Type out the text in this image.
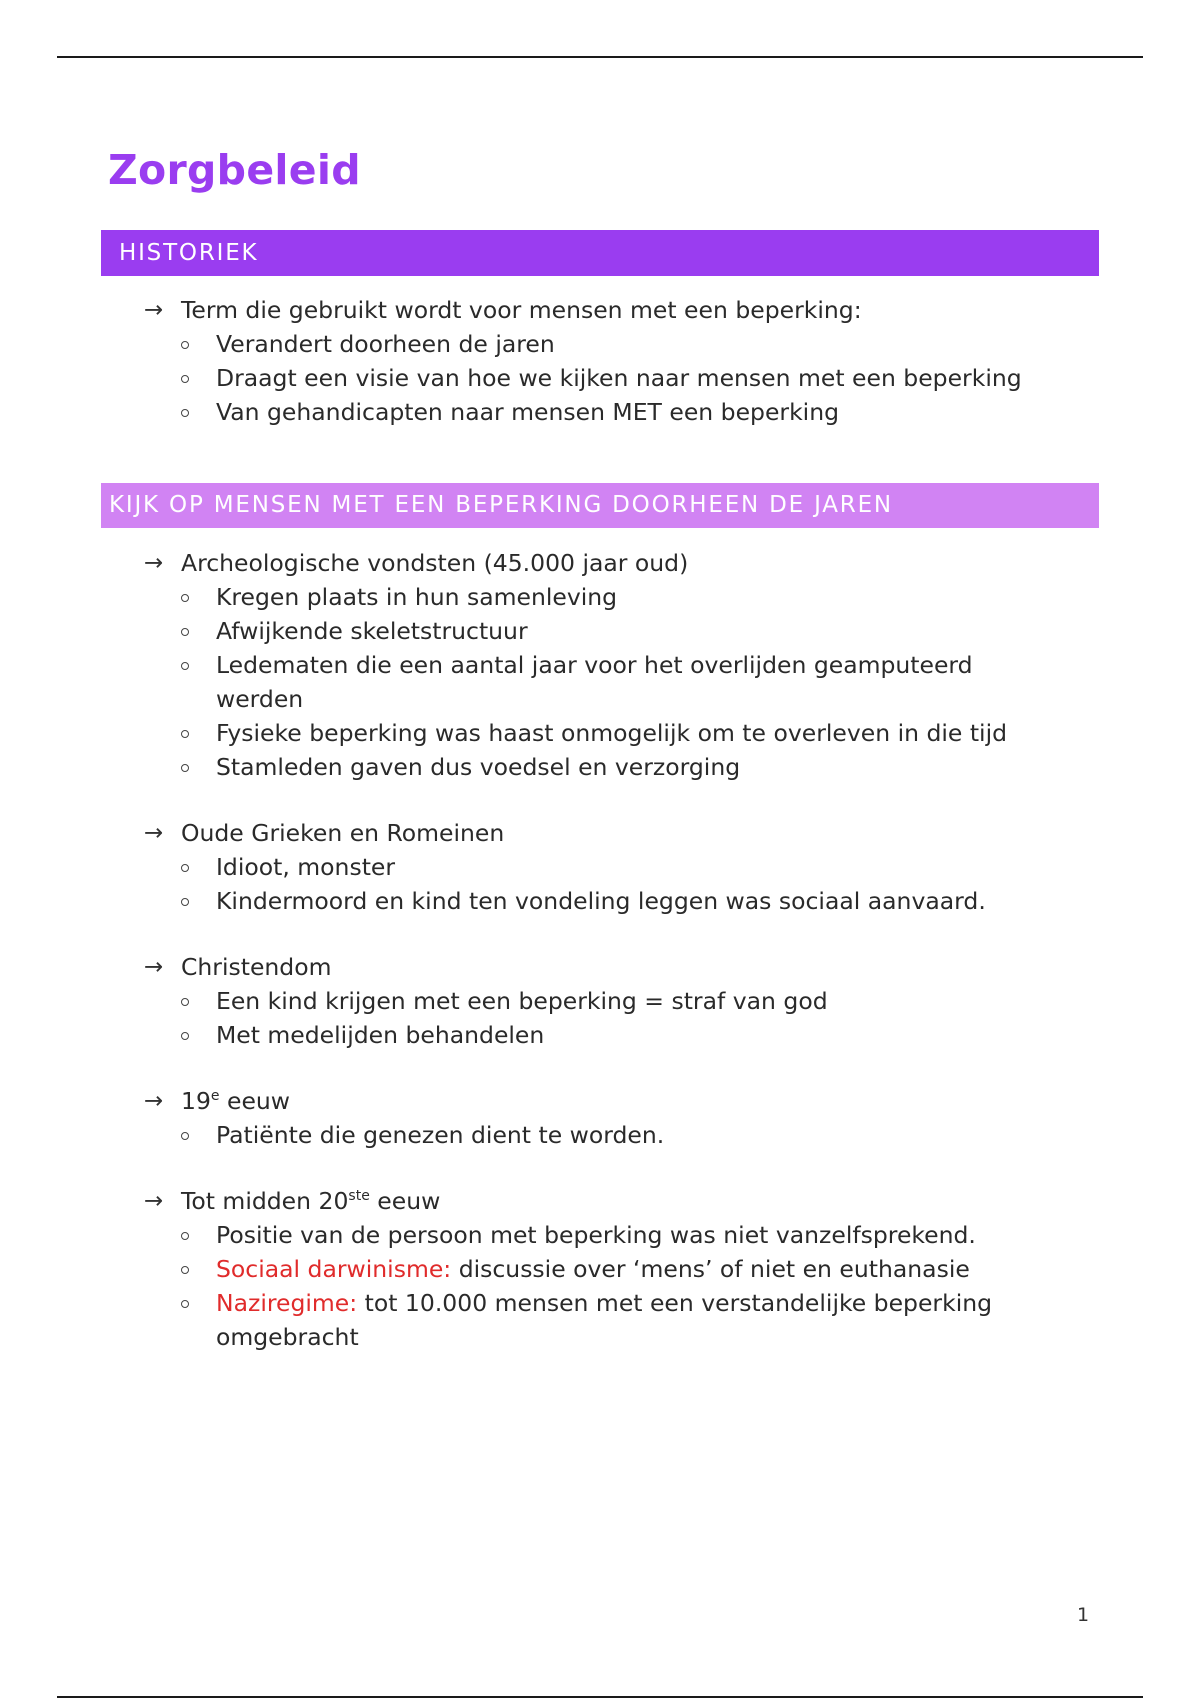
Zorgbeleid
HISTORIEK
→ Term die gebruikt wordt voor mensen met een beperking:
Verandert doorheen de jaren
Draagt een visie van hoe we kijken naar mensen met een beperking
Van gehandicapten naar mensen MET een beperking
KIJK OP MENSEN MET EEN BEPERKING DOORHEEN DE JAREN
→ Archeologische vondsten (45.000 jaar oud)
Kregen plaats in hun samenleving
Afwijkende skeletstructuur
Ledematen die een aantal jaar voor het overlijden geamputeerd werden
Fysieke beperking was haast onmogelijk om te overleven in die tijd
Stamleden gaven dus voedsel en verzorging
→ Oude Grieken en Romeinen
Idioot, monster
Kindermoord en kind ten vondeling leggen was sociaal aanvaard.
→ Christendom
Een kind krijgen met een beperking = straf van god
Met medelijden behandelen
→ $19^e$ eeuw
Patiënte die genezen dient te worden.
→ Tot midden 20ste eeuw
Positie van de persoon met beperking was niet vanzelfsprekend.
Sociaal darwinisme: discussie over ‘mens’ of niet en euthanasie
Naziregime: tot 10.000 mensen met een verstandelijke beperking omgebracht
1
